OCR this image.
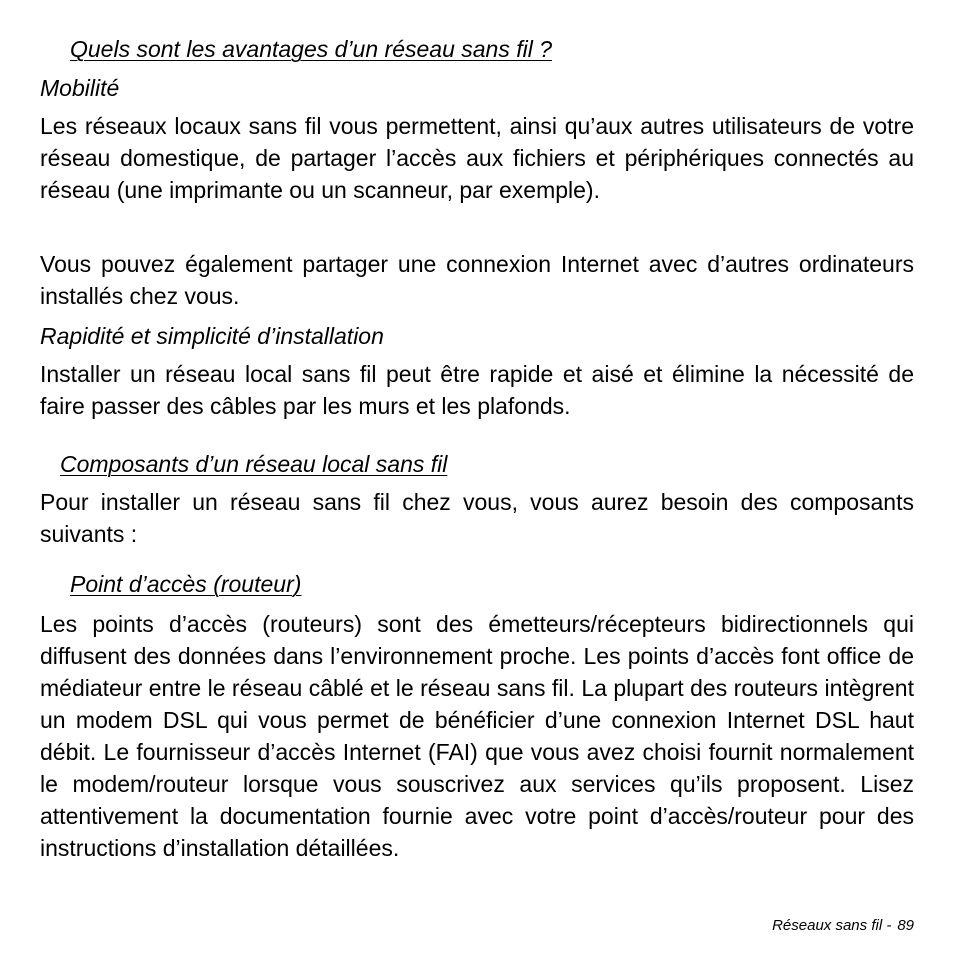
Quels sont les avantages d’un réseau sans fil ?
Mobilité

Les réseaux locaux sans fil vous permettent, ainsi qu’aux autres utilisateurs de votre réseau domestique, de partager l’accès aux fichiers et périphériques connectés au réseau (une imprimante ou un scanneur, par exemple).

Vous pouvez également partager une connexion Internet avec d’autres ordinateurs installés chez vous.

Rapidité et simplicité d’installation

Installer un réseau local sans fil peut être rapide et aisé et élimine la nécessité de faire passer des câbles par les murs et les plafonds.

Composants d’un réseau local sans fil

Pour installer un réseau sans fil chez vous, vous aurez besoin des composants suivants :

Point d’accès (routeur)

Les points d’accès (routeurs) sont des émetteurs/récepteurs bidirectionnels qui diffusent des données dans l’environnement proche. Les points d’accès font office de médiateur entre le réseau câblé et le réseau sans fil. La plupart des routeurs intègrent un modem DSL qui vous permet de bénéficier d’une connexion Internet DSL haut débit. Le fournisseur d’accès Internet (FAI) que vous avez choisi fournit normalement le modem/routeur lorsque vous souscrivez aux services qu’ils proposent. Lisez attentivement la documentation fournie avec votre point d’accès/routeur pour des instructions d’installation détaillées.

Réseaux sans fil - 89
